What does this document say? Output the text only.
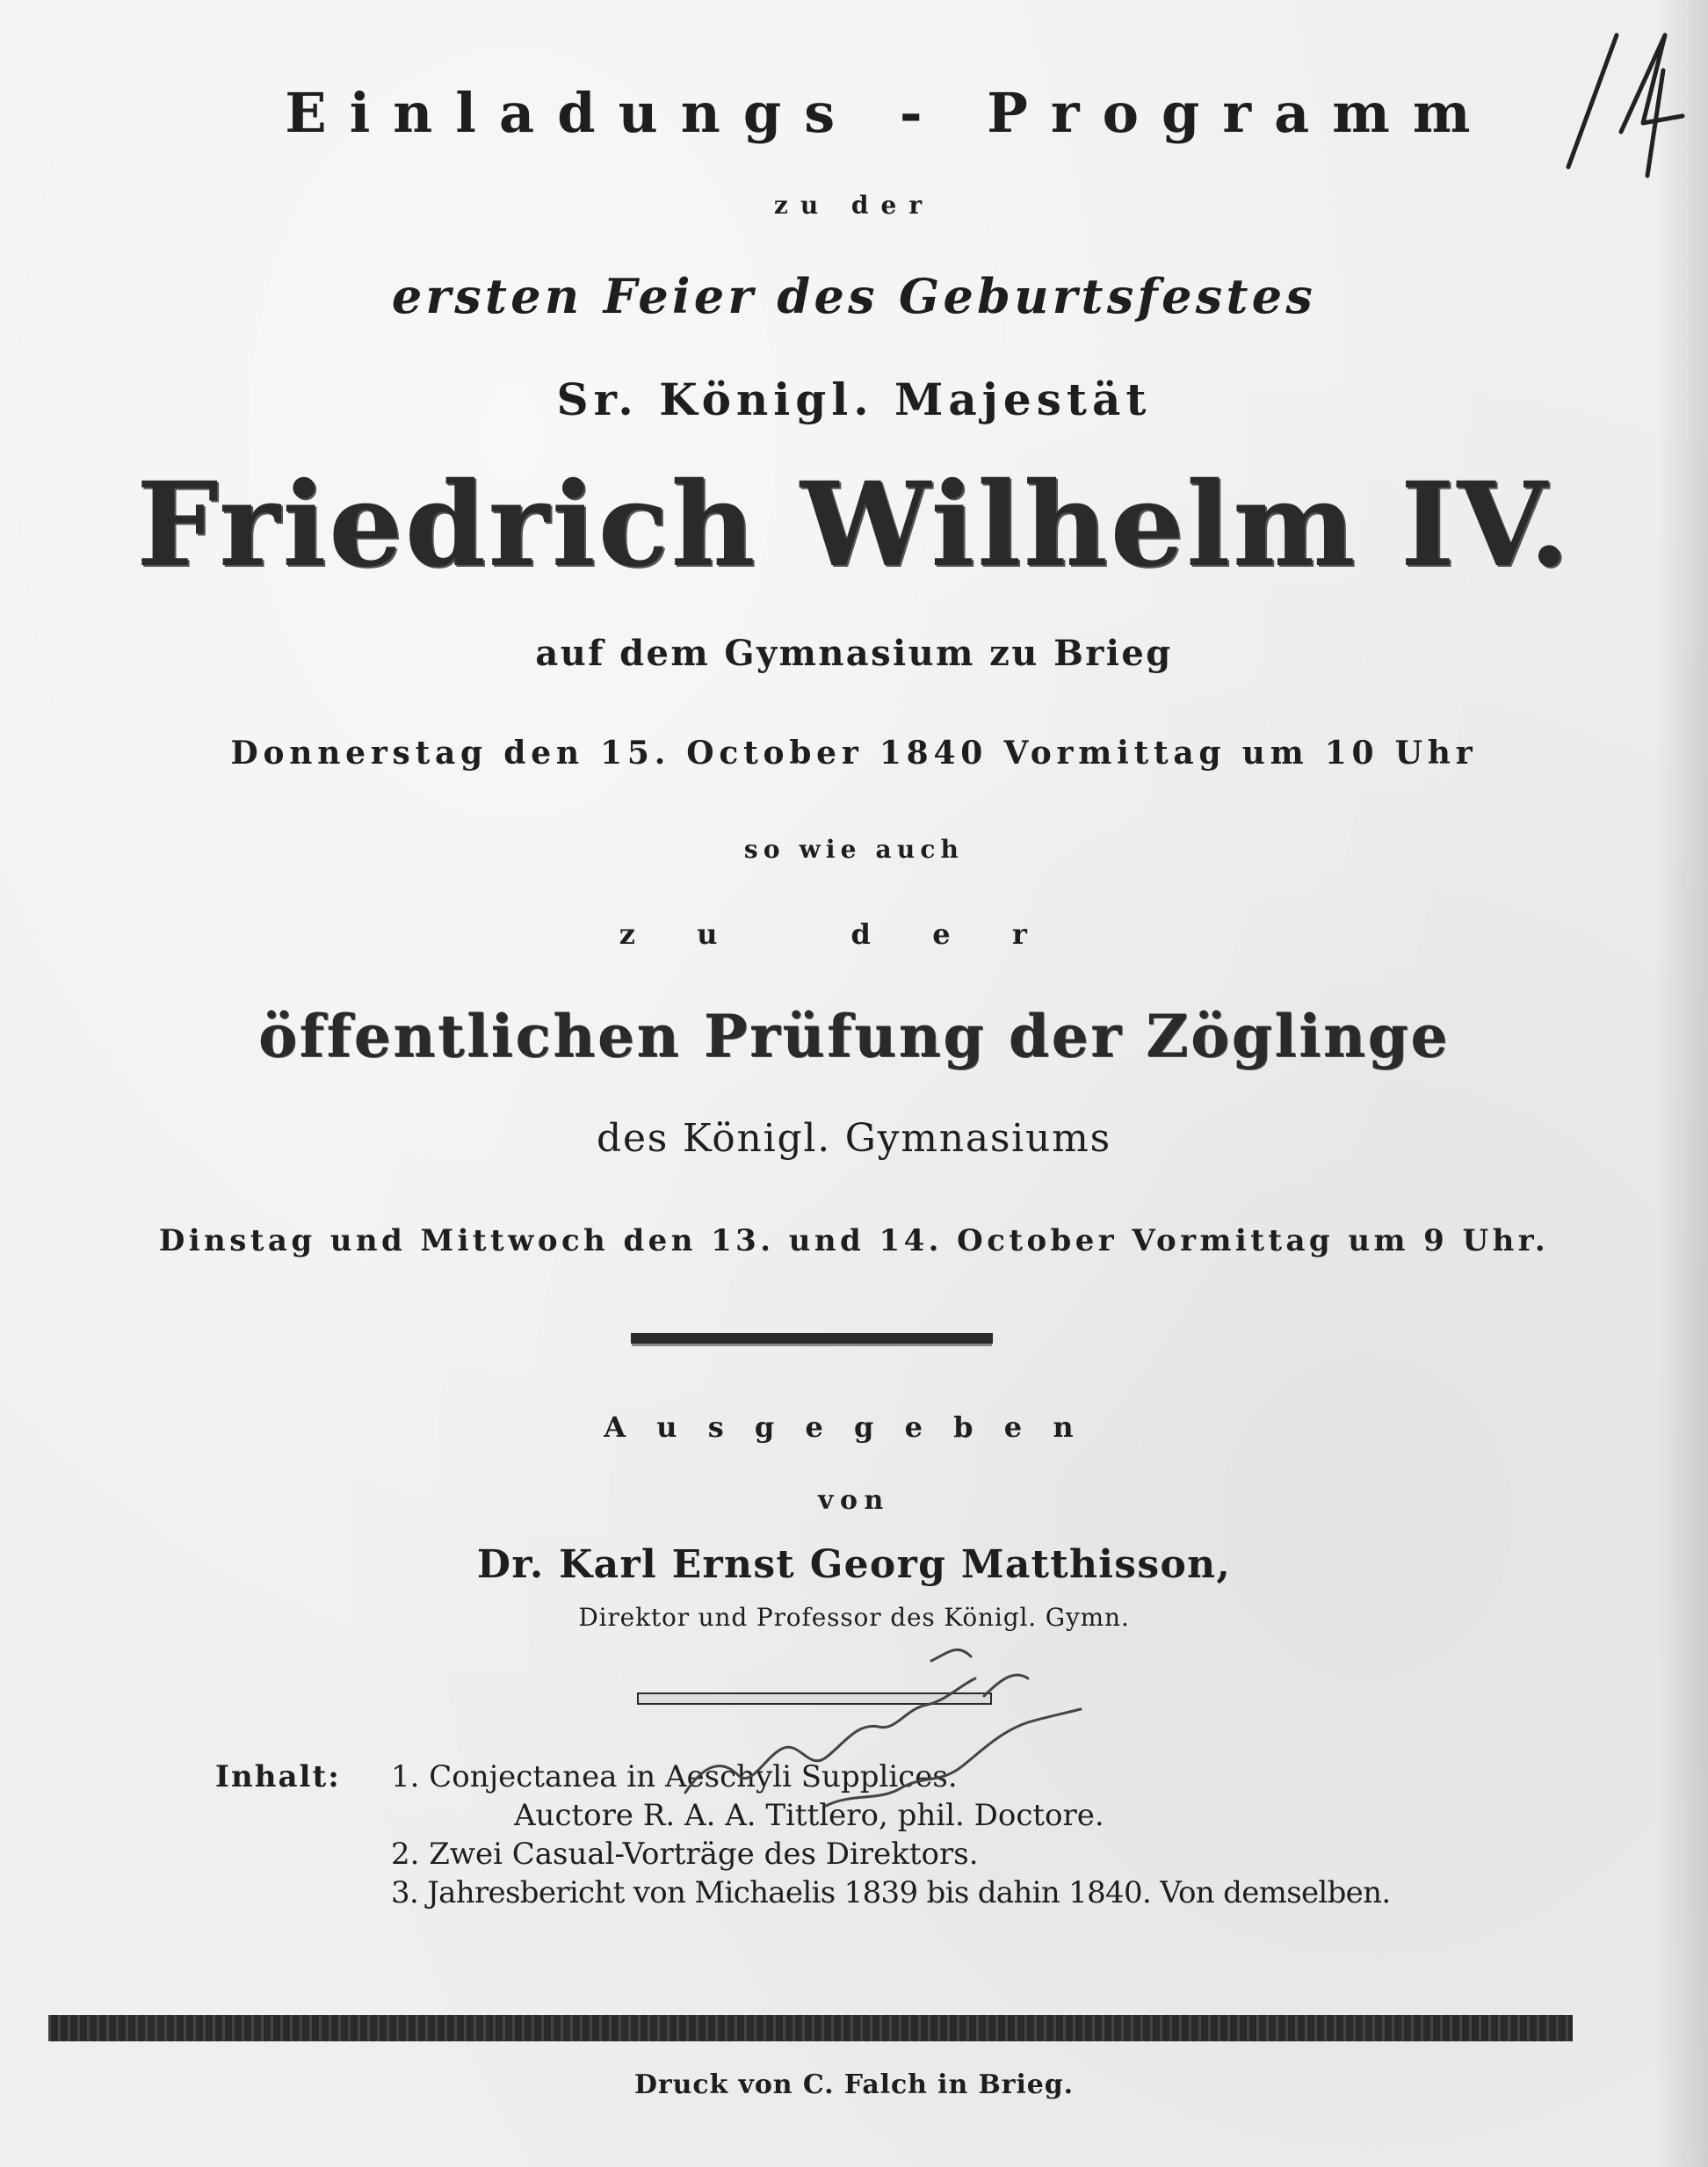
Einladungs - Programm
zu der
ersten Feier des Geburtsfestes
Sr. Königl. Majestät
Friedrich Wilhelm IV.
auf dem Gymnasium zu Brieg
Donnerstag den 15. October 1840 Vormittag um 10 Uhr
so wie auch
zu der
öffentlichen Prüfung der Zöglinge
des Königl. Gymnasiums
Dinstag und Mittwoch den 13. und 14. October Vormittag um 9 Uhr.
Ausgegeben
von
Dr. Karl Ernst Georg Matthisson,
Direktor und Professor des Königl. Gymn.
Inhalt: 1. Conjectanea in Aeschyli Supplices.
Auctore R. A. A. Tittlero, phil. Doctore.
2. Zwei Casual-Vorträge des Direktors.
3. Jahresbericht von Michaelis 1839 bis dahin 1840. Von demselben.
Druck von C. Falch in Brieg.
